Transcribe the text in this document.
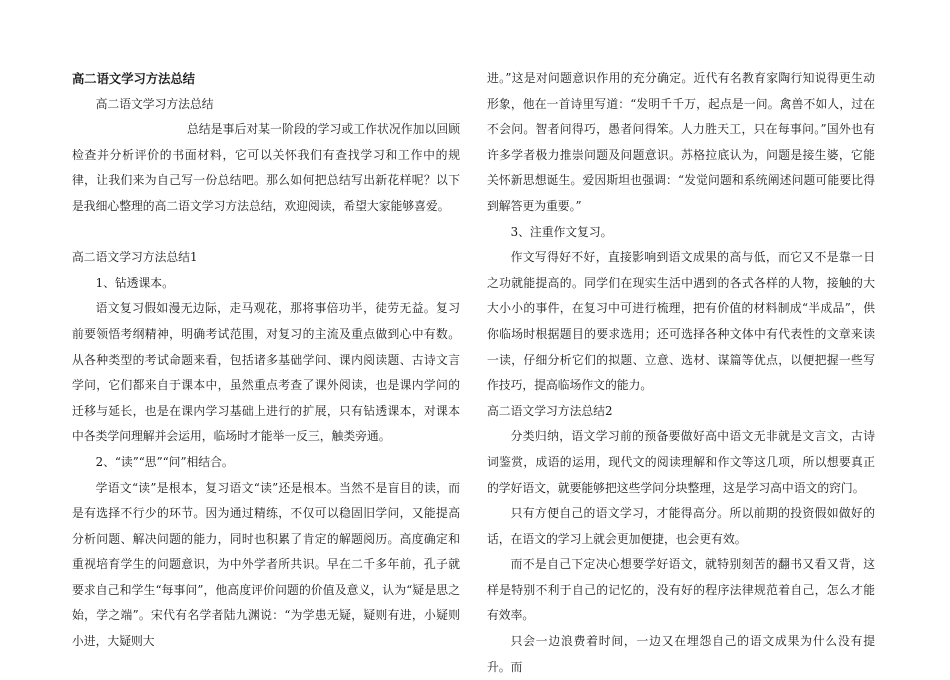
高二语文学习方法总结

高二语文学习方法总结

总结是事后对某一阶段的学习或工作状况作加以回顾检查并分析评价的书面材料，它可以关怀我们有查找学习和工作中的规律，让我们来为自己写一份总结吧。那么如何把总结写出新花样呢？以下是我细心整理的高二语文学习方法总结，欢迎阅读，希望大家能够喜爱。

高二语文学习方法总结1

1、钻透课本。

语文复习假如漫无边际，走马观花，那将事倍功半，徒劳无益。复习前要领悟考纲精神，明确考试范围，对复习的主流及重点做到心中有数。从各种类型的考试命题来看，包括诸多基础学问、课内阅读题、古诗文言学问，它们都来自于课本中，虽然重点考查了课外阅读，也是课内学问的迁移与延长，也是在课内学习基础上进行的扩展，只有钻透课本，对课本中各类学问理解并会运用，临场时才能举一反三，触类旁通。

2、“读”“思”“问”相结合。

学语文“读”是根本，复习语文“读”还是根本。当然不是盲目的读，而是有选择不行少的环节。因为通过精练，不仅可以稳固旧学问，又能提高分析问题、解决问题的能力，同时也积累了肯定的解题阅历。高度确定和重视培育学生的问题意识，为中外学者所共识。早在二千多年前，孔子就要求自己和学生“每事问”，他高度评价问题的价值及意义，认为“疑是思之始，学之端”。宋代有名学者陆九渊说：“为学患无疑，疑则有进，小疑则小进，大疑则大

进。”这是对问题意识作用的充分确定。近代有名教育家陶行知说得更生动形象，他在一首诗里写道：“发明千千万，起点是一问。禽兽不如人，过在不会问。智者问得巧，愚者问得笨。人力胜天工，只在每事问。”国外也有许多学者极力推崇问题及问题意识。苏格拉底认为，问题是接生婆，它能关怀新思想诞生。爱因斯坦也强调：“发觉问题和系统阐述问题可能要比得到解答更为重要。”

3、注重作文复习。

作文写得好不好，直接影响到语文成果的高与低，而它又不是靠一日之功就能提高的。同学们在现实生活中遇到的各式各样的人物，接触的大大小小的事件，在复习中可进行梳理，把有价值的材料制成“半成品”，供你临场时根据题目的要求选用；还可选择各种文体中有代表性的文章来读一读，仔细分析它们的拟题、立意、选材、谋篇等优点，以便把握一些写作技巧，提高临场作文的能力。

高二语文学习方法总结2

分类归纳，语文学习前的预备要做好高中语文无非就是文言文，古诗词鉴赏，成语的运用，现代文的阅读理解和作文等这几项，所以想要真正的学好语文，就要能够把这些学问分块整理，这是学习高中语文的窍门。

只有方便自己的语文学习，才能得高分。所以前期的投资假如做好的话，在语文的学习上就会更加便捷，也会更有效。

而不是自己下定决心想要学好语文，就特别刻苦的翻书又看又背，这样是特别不利于自己的记忆的，没有好的程序法律规范着自己，怎么才能有效率。

只会一边浪费着时间，一边又在埋怨自己的语文成果为什么没有提升。而
